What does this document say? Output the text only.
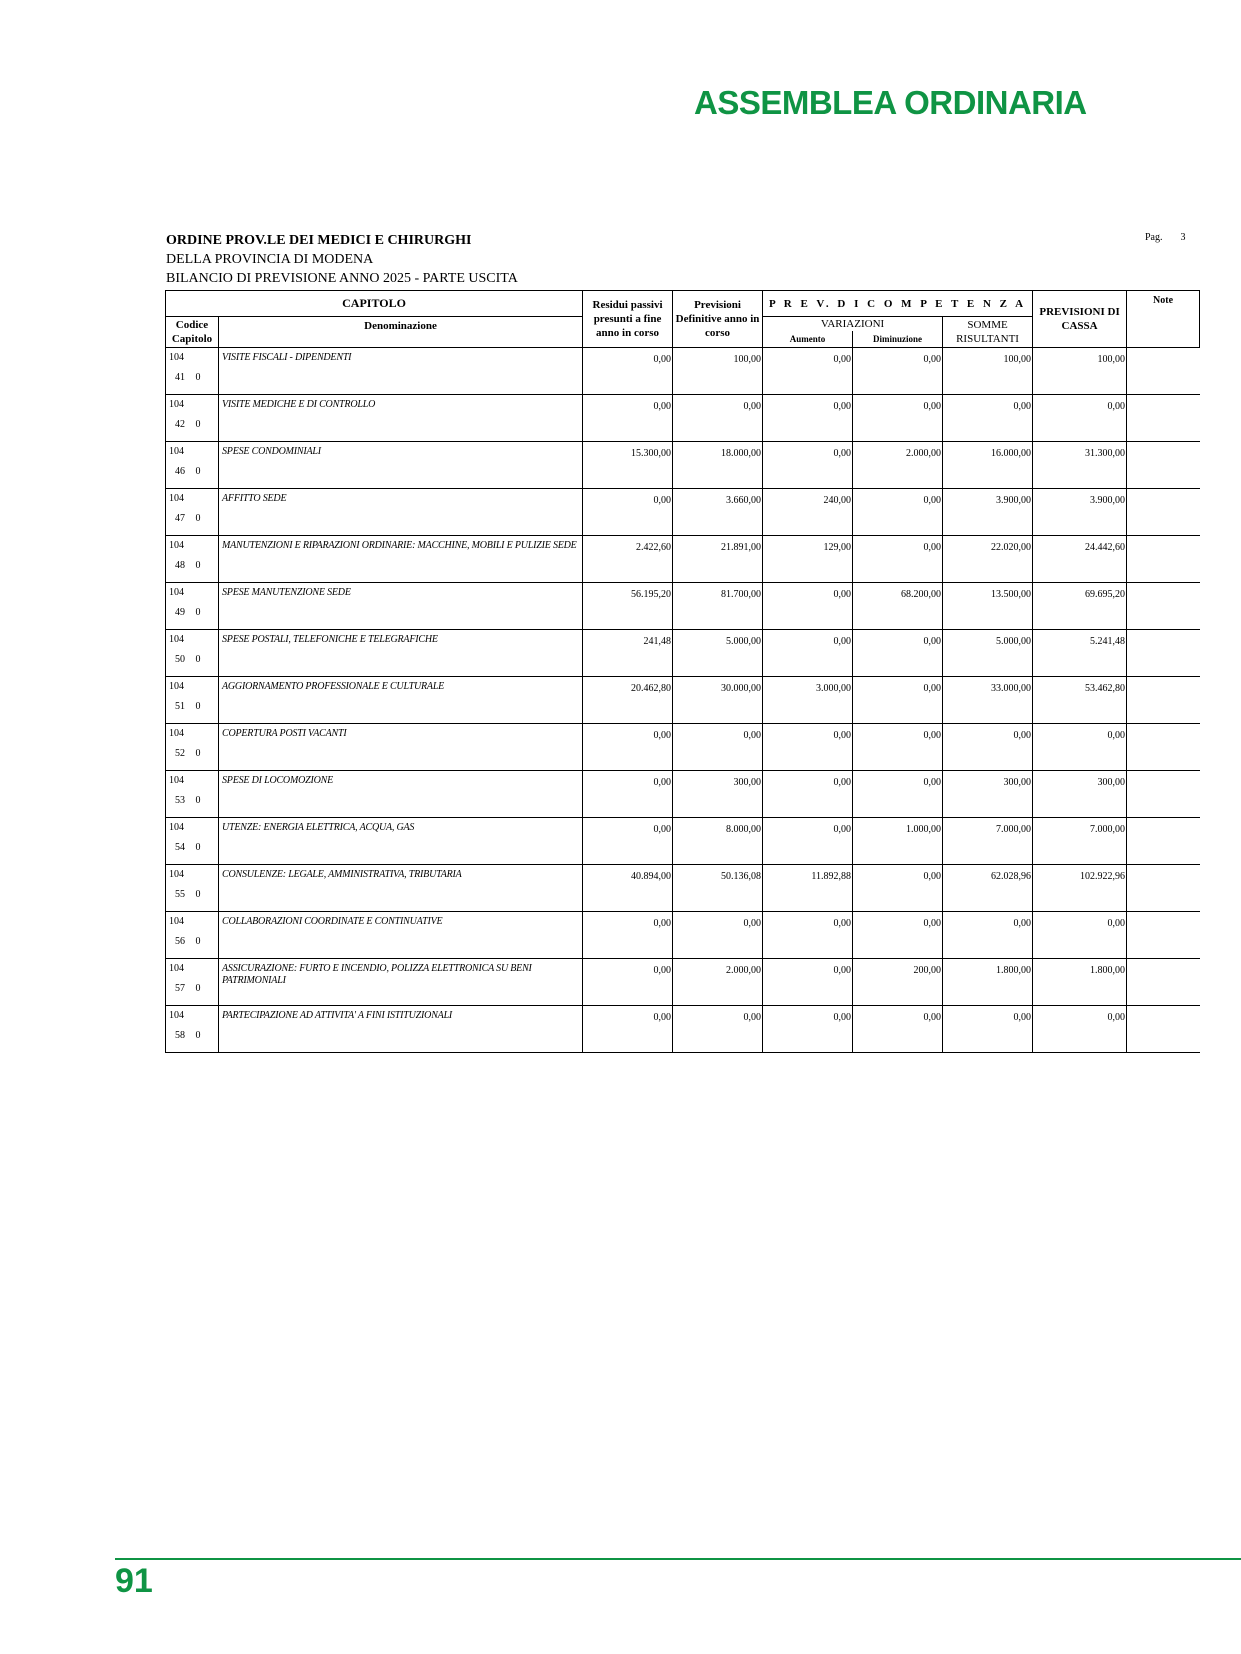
ASSEMBLEA ORDINARIA
ORDINE PROV.LE DEI MEDICI E CHIRURGHI
DELLA PROVINCIA DI MODENA
BILANCIO DI PREVISIONE ANNO 2025 - PARTE USCITA
Pag. 3
CAPITOLO		Residui passivi presunti a fine anno in corso	Previsioni Definitive anno in corso	P R E V. D I C O M P E T E N Z A			PREVISIONI DI CASSA	Note

Codice
Capitolo	Denominazione			VARIAZIONI		SOMME RISULTANTI		
				Aumento	Diminuzione			

104
41 0	VISITE FISCALI - DIPENDENTI	0,00	100,00	0,00	0,00	100,00	100,00	

104
42 0	VISITE MEDICHE E DI CONTROLLO	0,00	0,00	0,00	0,00	0,00	0,00	

104
46 0	SPESE CONDOMINIALI	15.300,00	18.000,00	0,00	2.000,00	16.000,00	31.300,00	

104
47 0	AFFITTO SEDE	0,00	3.660,00	240,00	0,00	3.900,00	3.900,00	

104
48 0	MANUTENZIONI E RIPARAZIONI ORDINARIE: MACCHINE, MOBILI E PULIZIE SEDE	2.422,60	21.891,00	129,00	0,00	22.020,00	24.442,60	

104
49 0	SPESE MANUTENZIONE SEDE	56.195,20	81.700,00	0,00	68.200,00	13.500,00	69.695,20	

104
50 0	SPESE POSTALI, TELEFONICHE E TELEGRAFICHE	241,48	5.000,00	0,00	0,00	5.000,00	5.241,48	

104
51 0	AGGIORNAMENTO PROFESSIONALE E CULTURALE	20.462,80	30.000,00	3.000,00	0,00	33.000,00	53.462,80	

104
52 0	COPERTURA POSTI VACANTI	0,00	0,00	0,00	0,00	0,00	0,00	

104
53 0	SPESE DI LOCOMOZIONE	0,00	300,00	0,00	0,00	300,00	300,00	

104
54 0	UTENZE: ENERGIA ELETTRICA, ACQUA, GAS	0,00	8.000,00	0,00	1.000,00	7.000,00	7.000,00	

104
55 0	CONSULENZE: LEGALE, AMMINISTRATIVA, TRIBUTARIA	40.894,00	50.136,08	11.892,88	0,00	62.028,96	102.922,96	

104
56 0	COLLABORAZIONI COORDINATE E CONTINUATIVE	0,00	0,00	0,00	0,00	0,00	0,00	

104
57 0	ASSICURAZIONE: FURTO E INCENDIO, POLIZZA ELETTRONICA SU BENI PATRIMONIALI	0,00	2.000,00	0,00	200,00	1.800,00	1.800,00	

104
58 0	PARTECIPAZIONE AD ATTIVITA' A FINI ISTITUZIONALI	0,00	0,00	0,00	0,00	0,00	0,00	
91
